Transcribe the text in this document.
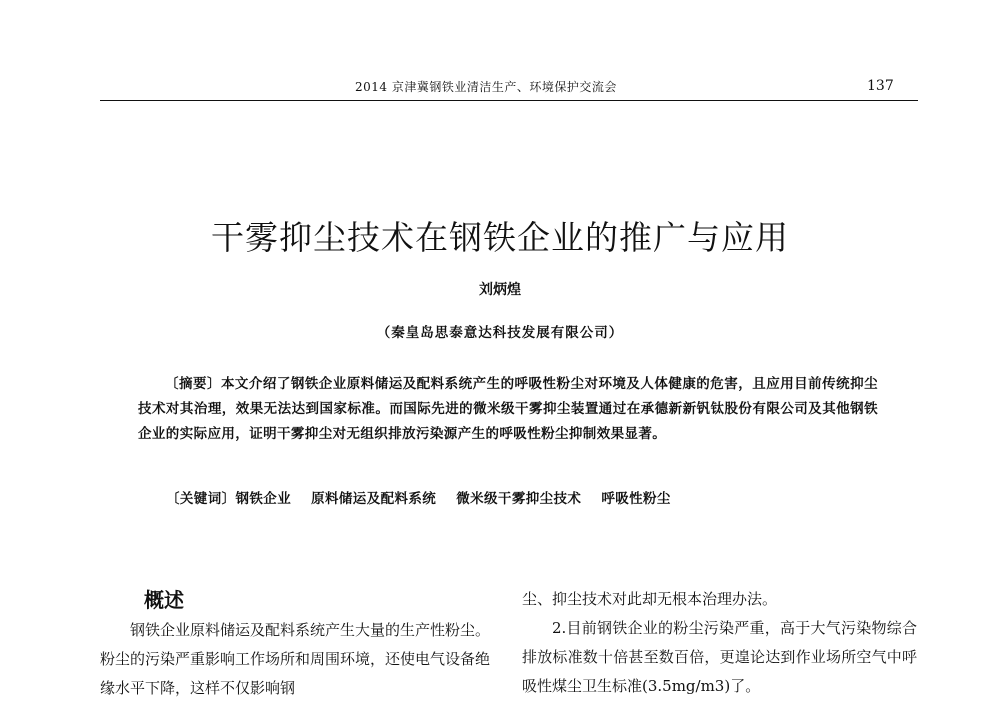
2014 京津冀钢铁业清洁生产、环境保护交流会	137
干雾抑尘技术在钢铁企业的推广与应用
刘炳煌
（秦皇岛思泰意达科技发展有限公司）

〔摘要〕本文介绍了钢铁企业原料储运及配料系统产生的呼吸性粉尘对环境及人体健康的危害，且应用目前传统抑尘技术对其治理，效果无法达到国家标准。而国际先进的微米级干雾抑尘装置通过在承德新新钒钛股份有限公司及其他钢铁企业的实际应用，证明干雾抑尘对无组织排放污染源产生的呼吸性粉尘抑制效果显著。

〔关键词〕钢铁企业 原料储运及配料系统 微米级干雾抑尘技术 呼吸性粉尘
概述

钢铁企业原料储运及配料系统产生大量的生产性粉尘。粉尘的污染严重影响工作场所和周围环境，还使电气设备绝缘水平下降，这样不仅影响钢

尘、抑尘技术对此却无根本治理办法。

2.目前钢铁企业的粉尘污染严重，高于大气污染物综合排放标准数十倍甚至数百倍，更遑论达到作业场所空气中呼吸性煤尘卫生标准(3.5mg/m3)了。
